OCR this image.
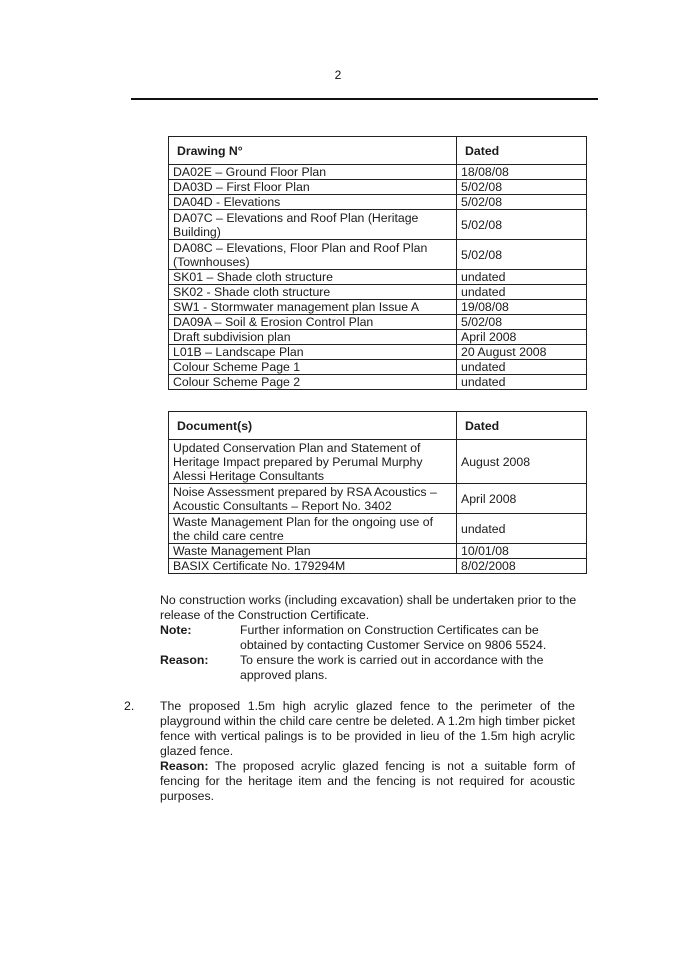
2
Drawing N°	Dated
DA02E – Ground Floor Plan	18/08/08
DA03D – First Floor Plan	5/02/08
DA04D - Elevations	5/02/08
DA07C – Elevations and Roof Plan (Heritage Building)	5/02/08
DA08C – Elevations, Floor Plan and Roof Plan (Townhouses)	5/02/08
SK01 – Shade cloth structure	undated
SK02 - Shade cloth structure	undated
SW1 - Stormwater management plan Issue A	19/08/08
DA09A – Soil & Erosion Control Plan	5/02/08
Draft subdivision plan	April 2008
L01B – Landscape Plan	20 August 2008
Colour Scheme Page 1	undated
Colour Scheme Page 2	undated
Document(s)	Dated
Updated Conservation Plan and Statement of Heritage Impact prepared by Perumal Murphy Alessi Heritage Consultants	August 2008
Noise Assessment prepared by RSA Acoustics –Acoustic Consultants – Report No. 3402	April 2008
Waste Management Plan for the ongoing use of the child care centre	undated
Waste Management Plan	10/01/08
BASIX Certificate No. 179294M	8/02/2008
No construction works (including excavation) shall be undertaken prior to the release of the Construction Certificate.
Note:	Further information on Construction Certificates can be obtained by contacting Customer Service on 9806 5524.
Reason:	To ensure the work is carried out in accordance with the approved plans.
2. The proposed 1.5m high acrylic glazed fence to the perimeter of the playground within the child care centre be deleted. A 1.2m high timber picket fence with vertical palings is to be provided in lieu of the 1.5m high acrylic glazed fence.
Reason: The proposed acrylic glazed fencing is not a suitable form of fencing for the heritage item and the fencing is not required for acoustic purposes.
